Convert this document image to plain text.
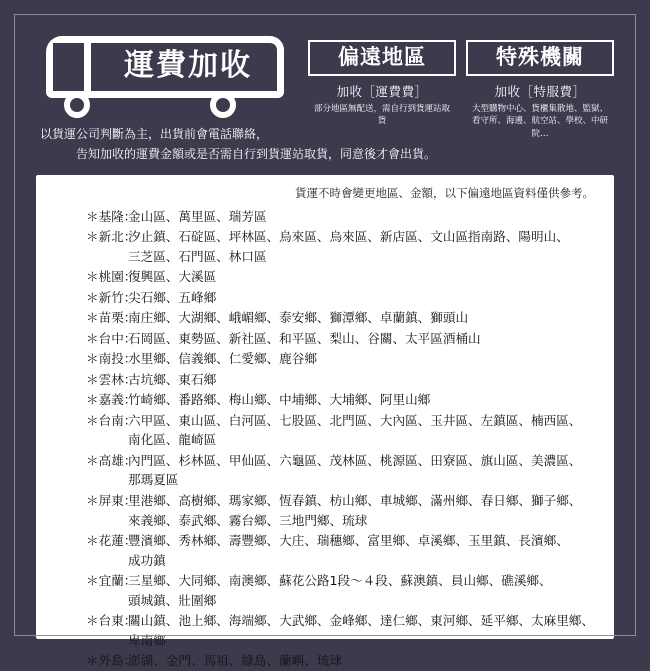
運費加收	偏遠地區
加收［運費費］
部分地區無配送，需自行到貨運站取貨
特殊機關
加收［特服費］
大型購物中心、貨櫃集散地、監獄、看守所、海邊、航空站、學校、中研院…
以貨運公司判斷為主，出貨前會電話聯絡，
告知加收的運費金額或是否需自行到貨運站取貨，同意後才會出貨。
貨運不時會變更地區、金額，以下偏遠地區資料僅供參考。
＊基隆：
金山區、萬里區、瑞芳區
＊新北：
汐止鎮、石碇區、坪林區、烏來區、烏來區、新店區、文山區指南路、陽明山、
三芝區、石門區、林口區
＊桃園：
復興區、大溪區
＊新竹：
尖石鄉、五峰鄉
＊苗栗：
南庄鄉、大湖鄉、峨嵋鄉、泰安鄉、獅潭鄉、卓蘭鎮、獅頭山
＊台中：
石岡區、東勢區、新社區、和平區、梨山、谷關、太平區酒桶山
＊南投：
水里鄉、信義鄉、仁愛鄉、鹿谷鄉
＊雲林：
古坑鄉、東石鄉
＊嘉義：
竹崎鄉、番路鄉、梅山鄉、中埔鄉、大埔鄉、阿里山鄉
＊台南：
六甲區、東山區、白河區、七股區、北門區、大內區、玉井區、左鎮區、楠西區、
南化區、龍崎區
＊高雄：
內門區、杉林區、甲仙區、六龜區、茂林區、桃源區、田寮區、旗山區、美濃區、
那瑪夏區
＊屏東：
里港鄉、高樹鄉、瑪家鄉、恆春鎮、枋山鄉、車城鄉、滿州鄉、春日鄉、獅子鄉、
來義鄉、泰武鄉、霧台鄉、三地門鄉、琉球
＊花蓮：
豐濱鄉、秀林鄉、壽豐鄉、大庄、瑞穗鄉、富里鄉、卓溪鄉、玉里鎮、長濱鄉、
成功鎮
＊宜蘭：
三星鄉、大同鄉、南澳鄉、蘇花公路1段～４段、蘇澳鎮、員山鄉、礁溪鄉、
頭城鎮、壯圍鄉
＊台東：
關山鎮、池上鄉、海端鄉、大武鄉、金峰鄉、達仁鄉、東河鄉、延平鄉、太麻里鄉、
卑南鄉
＊外島：
澎湖、金門、馬祖、綠島、蘭嶼、琉球
